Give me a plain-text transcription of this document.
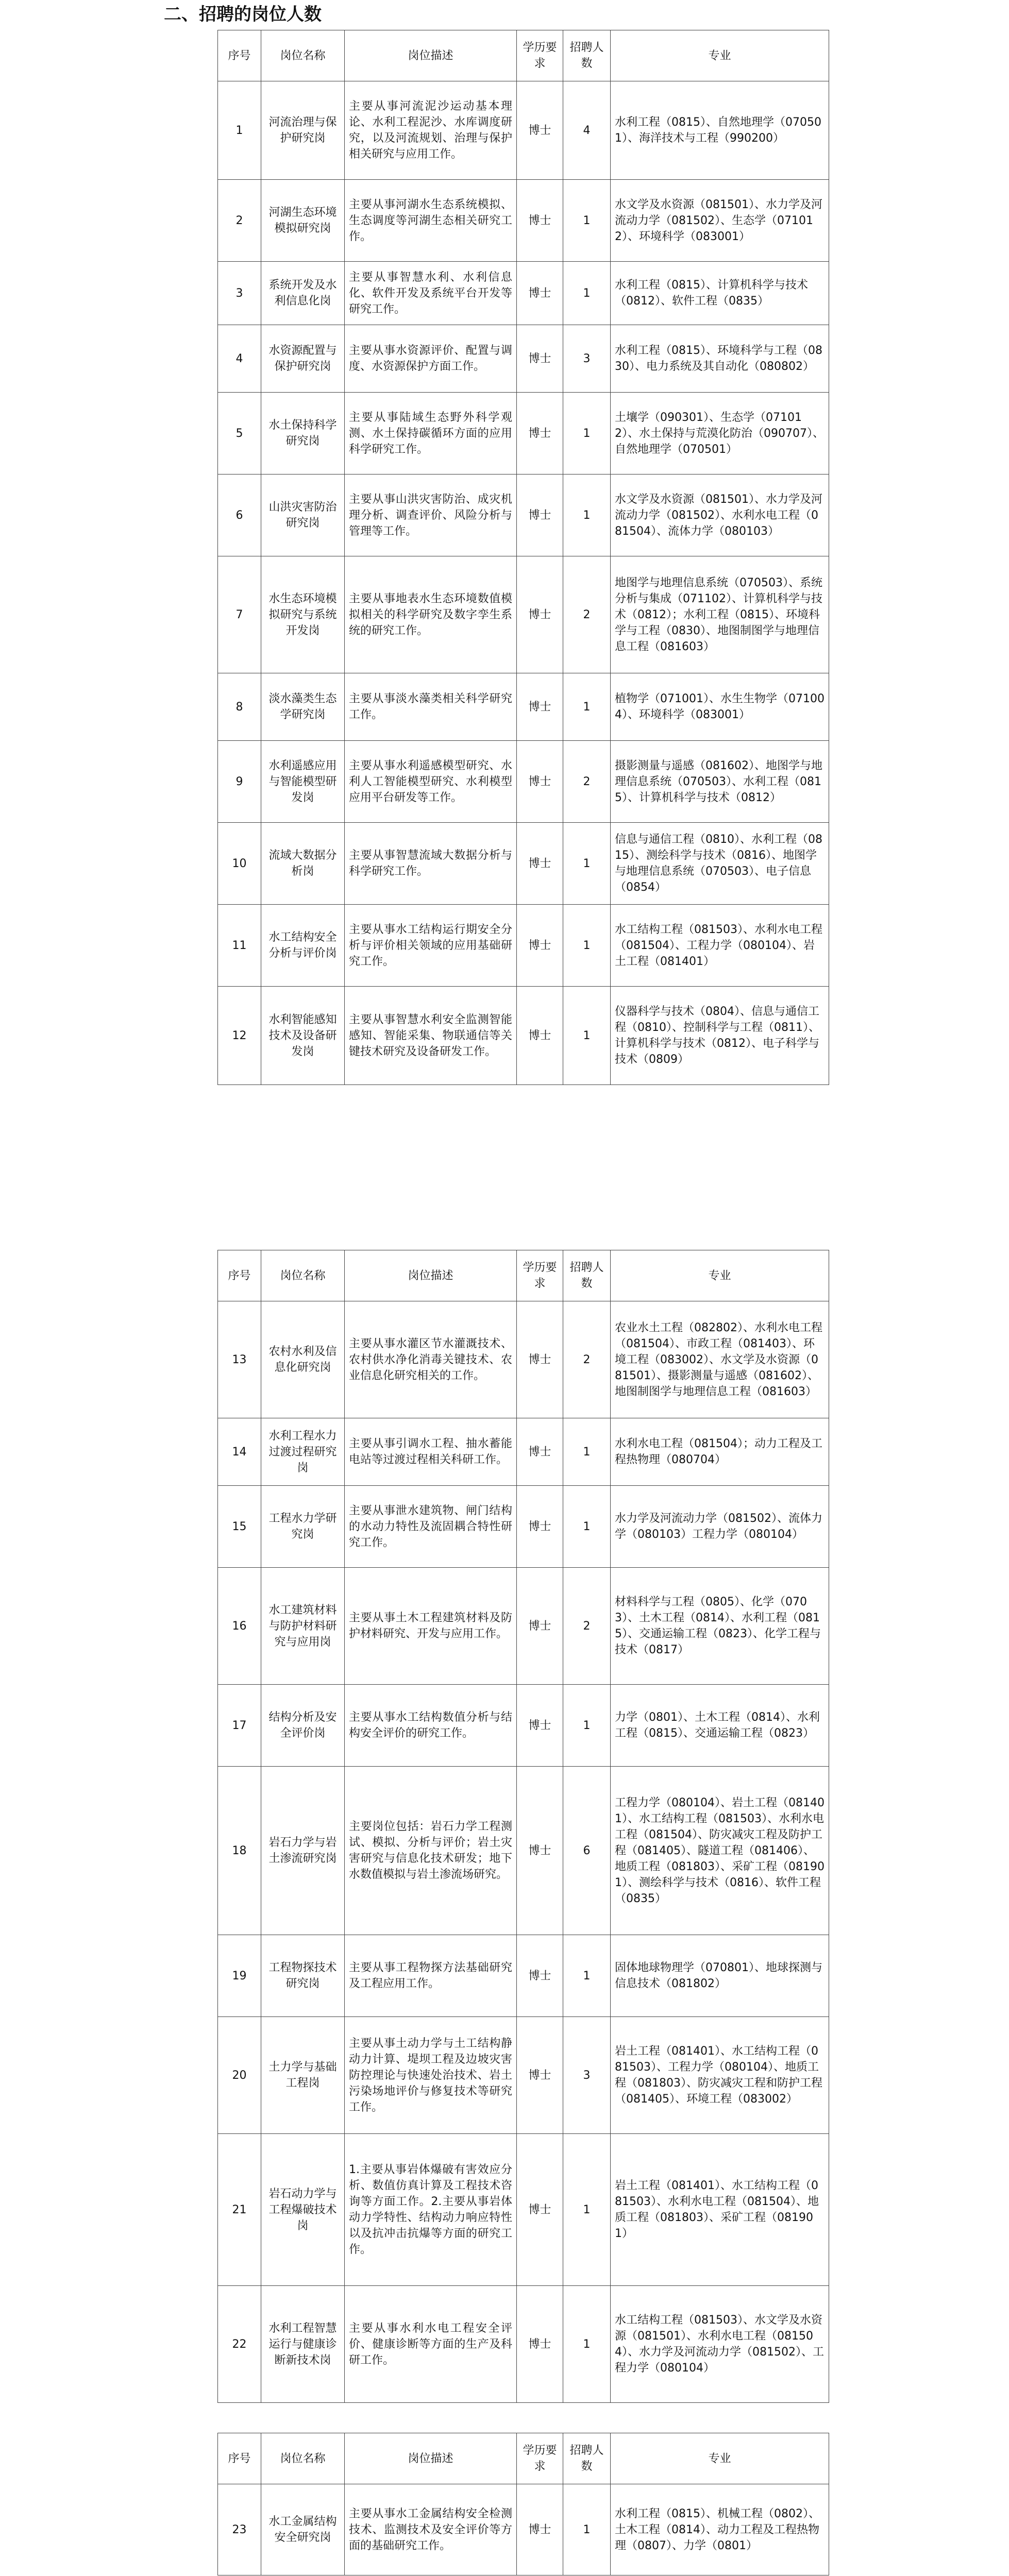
二、招聘的岗位人数
序号	岗位名称	岗位描述	学历要求	招聘人数	专业
1	河流治理与保护研究岗	主要从事河流泥沙运动基本理论、水利工程泥沙、水库调度研究，以及河流规划、治理与保护相关研究与应用工作。	博士	4	水利工程（0815）、自然地理学（070501）、海洋技术与工程（990200）
2	河湖生态环境模拟研究岗	主要从事河湖水生态系统模拟、生态调度等河湖生态相关研究工作。	博士	1	水文学及水资源（081501）、水力学及河流动力学（081502）、生态学（071012）、环境科学（083001）
3	系统开发及水利信息化岗	主要从事智慧水利、水利信息化、软件开发及系统平台开发等研究工作。	博士	1	水利工程（0815）、计算机科学与技术（0812）、软件工程（0835）
4	水资源配置与保护研究岗	主要从事水资源评价、配置与调度、水资源保护方面工作。	博士	3	水利工程（0815）、环境科学与工程（0830）、电力系统及其自动化（080802）
5	水土保持科学研究岗	主要从事陆域生态野外科学观测、水土保持碳循环方面的应用科学研究工作。	博士	1	土壤学（090301）、生态学（071012）、水土保持与荒漠化防治（090707）、自然地理学（070501）
6	山洪灾害防治研究岗	主要从事山洪灾害防治、成灾机理分析、调查评价、风险分析与管理等工作。	博士	1	水文学及水资源（081501）、水力学及河流动力学（081502）、水利水电工程（081504）、流体力学（080103）
7	水生态环境模拟研究与系统开发岗	主要从事地表水生态环境数值模拟相关的科学研究及数字孪生系统的研究工作。	博士	2	地图学与地理信息系统（070503）、系统分析与集成（071102）、计算机科学与技术（0812）；水利工程（0815）、环境科学与工程（0830）、地图制图学与地理信息工程（081603）
8	淡水藻类生态学研究岗	主要从事淡水藻类相关科学研究工作。	博士	1	植物学（071001）、水生生物学（071004）、环境科学（083001）
9	水利遥感应用与智能模型研发岗	主要从事水利遥感模型研究、水利人工智能模型研究、水利模型应用平台研发等工作。	博士	2	摄影测量与遥感（081602）、地图学与地理信息系统（070503）、水利工程（0815）、计算机科学与技术（0812）
10	流域大数据分析岗	主要从事智慧流域大数据分析与科学研究工作。	博士	1	信息与通信工程（0810）、水利工程（0815）、测绘科学与技术（0816）、地图学与地理信息系统（070503）、电子信息（0854）
11	水工结构安全分析与评价岗	主要从事水工结构运行期安全分析与评价相关领域的应用基础研究工作。	博士	1	水工结构工程（081503）、水利水电工程（081504）、工程力学（080104）、岩土工程（081401）
12	水利智能感知技术及设备研发岗	主要从事智慧水利安全监测智能感知、智能采集、物联通信等关键技术研究及设备研发工作。	博士	1	仪器科学与技术（0804）、信息与通信工程（0810）、控制科学与工程（0811）、计算机科学与技术（0812）、电子科学与技术（0809）
序号	岗位名称	岗位描述	学历要求	招聘人数	专业
13	农村水利及信息化研究岗	主要从事水灌区节水灌溉技术、农村供水净化消毒关键技术、农业信息化研究相关的工作。	博士	2	农业水土工程（082802）、水利水电工程（081504）、市政工程（081403）、环境工程（083002）、水文学及水资源（081501）、摄影测量与遥感（081602）、地图制图学与地理信息工程（081603）
14	水利工程水力过渡过程研究岗	主要从事引调水工程、抽水蓄能电站等过渡过程相关科研工作。	博士	1	水利水电工程（081504）；动力工程及工程热物理（080704）
15	工程水力学研究岗	主要从事泄水建筑物、闸门结构的水动力特性及流固耦合特性研究工作。	博士	1	水力学及河流动力学（081502）、流体力学（080103）工程力学（080104）
16	水工建筑材料与防护材料研究与应用岗	主要从事土木工程建筑材料及防护材料研究、开发与应用工作。	博士	2	材料科学与工程（0805）、化学（0703）、土木工程（0814）、水利工程（0815）、交通运输工程（0823）、化学工程与技术（0817）
17	结构分析及安全评价岗	主要从事水工结构数值分析与结构安全评价的研究工作。	博士	1	力学（0801）、土木工程（0814）、水利工程（0815）、交通运输工程（0823）
18	岩石力学与岩土渗流研究岗	主要岗位包括：岩石力学工程测试、模拟、分析与评价；岩土灾害研究与信息化技术研发；地下水数值模拟与岩土渗流场研究。	博士	6	工程力学（080104）、岩土工程（081401）、水工结构工程（081503）、水利水电工程（081504）、防灾减灾工程及防护工程（081405）、隧道工程（081406）、地质工程（081803）、采矿工程（081901）、测绘科学与技术（0816）、软件工程（0835）
19	工程物探技术研究岗	主要从事工程物探方法基础研究及工程应用工作。	博士	1	固体地球物理学（070801）、地球探测与信息技术（081802）
20	土力学与基础工程岗	主要从事土动力学与土工结构静动力计算、堤坝工程及边坡灾害防控理论与快速处治技术、岩土污染场地评价与修复技术等研究工作。	博士	3	岩土工程（081401）、水工结构工程（081503）、工程力学（080104）、地质工程（081803）、防灾减灾工程和防护工程（081405）、环境工程（083002）
21	岩石动力学与工程爆破技术岗	1.主要从事岩体爆破有害效应分析、数值仿真计算及工程技术咨询等方面工作。2.主要从事岩体动力学特性、结构动力响应特性以及抗冲击抗爆等方面的研究工作。	博士	1	岩土工程（081401）、水工结构工程（081503）、水利水电工程（081504）、地质工程（081803）、采矿工程（081901）
22	水利工程智慧运行与健康诊断新技术岗	主要从事水利水电工程安全评价、健康诊断等方面的生产及科研工作。	博士	1	水工结构工程（081503）、水文学及水资源（081501）、水利水电工程（081504）、水力学及河流动力学（081502）、工程力学（080104）
序号	岗位名称	岗位描述	学历要求	招聘人数	专业
23	水工金属结构安全研究岗	主要从事水工金属结构安全检测技术、监测技术及安全评价等方面的基础研究工作。	博士	1	水利工程（0815）、机械工程（0802）、土木工程（0814）、动力工程及工程热物理（0807）、力学（0801）
